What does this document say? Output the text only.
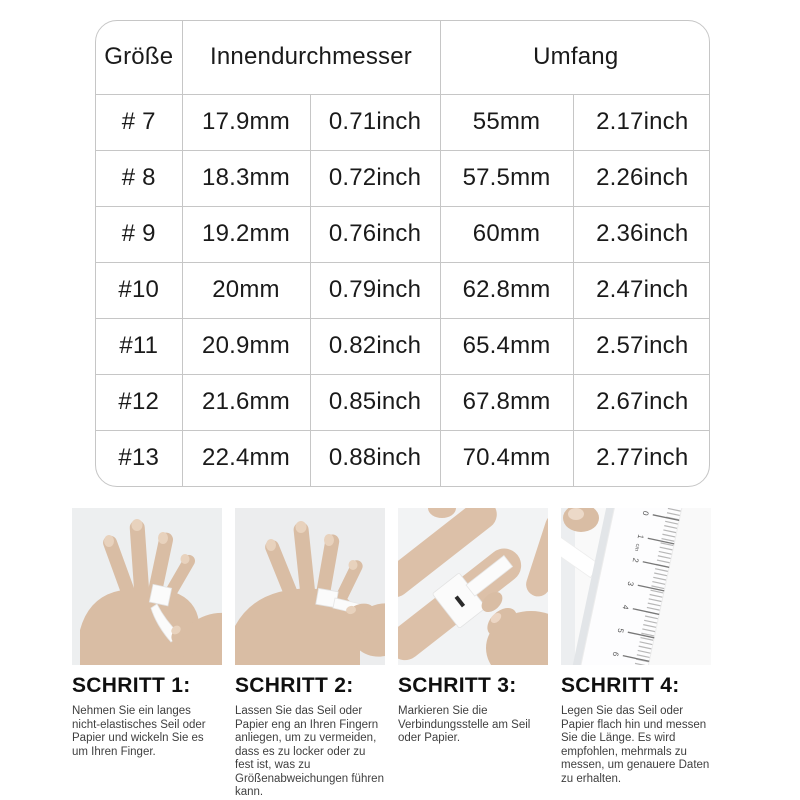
Größe	Innendurchmesser		Umfang	
# 7	17.9mm	0.71inch	55mm	2.17inch
# 8	18.3mm	0.72inch	57.5mm	2.26inch
# 9	19.2mm	0.76inch	60mm	2.36inch
#10	20mm	0.79inch	62.8mm	2.47inch
#11	20.9mm	0.82inch	65.4mm	2.57inch
#12	21.6mm	0.85inch	67.8mm	2.67inch
#13	22.4mm	0.88inch	70.4mm	2.77inch
SCHRITT 1:
Nehmen Sie ein langes nicht-elastisches Seil oder Papier und wickeln Sie es um Ihren Finger.
SCHRITT 2:
Lassen Sie das Seil oder Papier eng an Ihren Fingern anliegen, um zu vermeiden, dass es zu locker oder zu fest ist, was zu Größenabweichungen führen kann.
SCHRITT 3:
Markieren Sie die Verbindungsstelle am Seil oder Papier.
0
1
2
3
4
5
6
cm
SCHRITT 4:
Legen Sie das Seil oder Papier flach hin und messen Sie die Länge. Es wird empfohlen, mehrmals zu messen, um genauere Daten zu erhalten.
